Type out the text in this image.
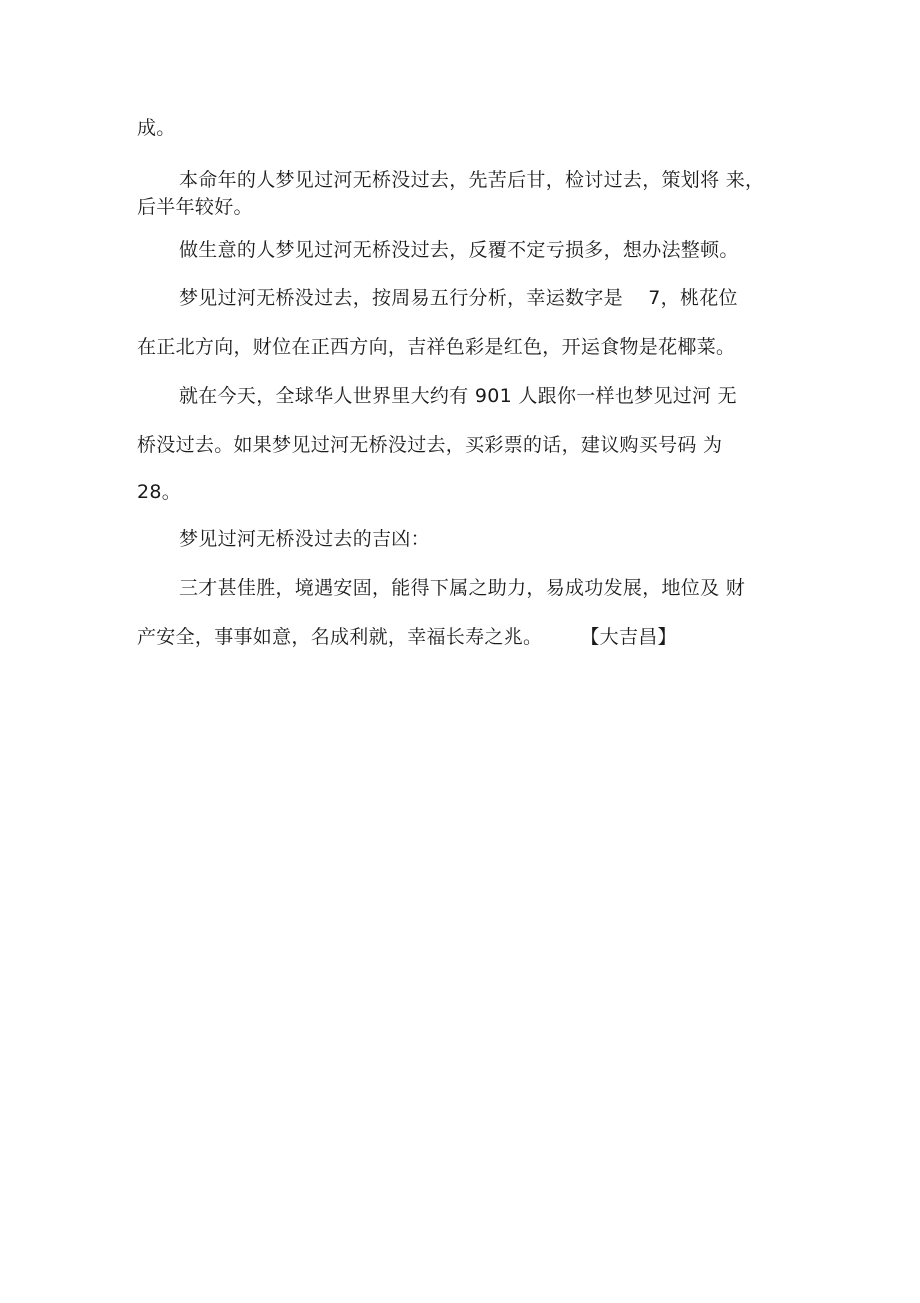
成。
本命年的人梦见过河无桥没过去，先苦后甘，检讨过去，策划将 来，
后半年较好。
做生意的人梦见过河无桥没过去，反覆不定亏损多，想办法整顿。
梦见过河无桥没过去，按周易五行分析，幸运数字是    7，桃花位
在正北方向，财位在正西方向，吉祥色彩是红色，开运食物是花椰菜。
就在今天，全球华人世界里大约有 901 人跟你一样也梦见过河 无
桥没过去。如果梦见过河无桥没过去，买彩票的话，建议购买号码 为
28。
梦见过河无桥没过去的吉凶：
三才甚佳胜，境遇安固，能得下属之助力，易成功发展，地位及 财
产安全，事事如意，名成利就，幸福长寿之兆。      【大吉昌】
